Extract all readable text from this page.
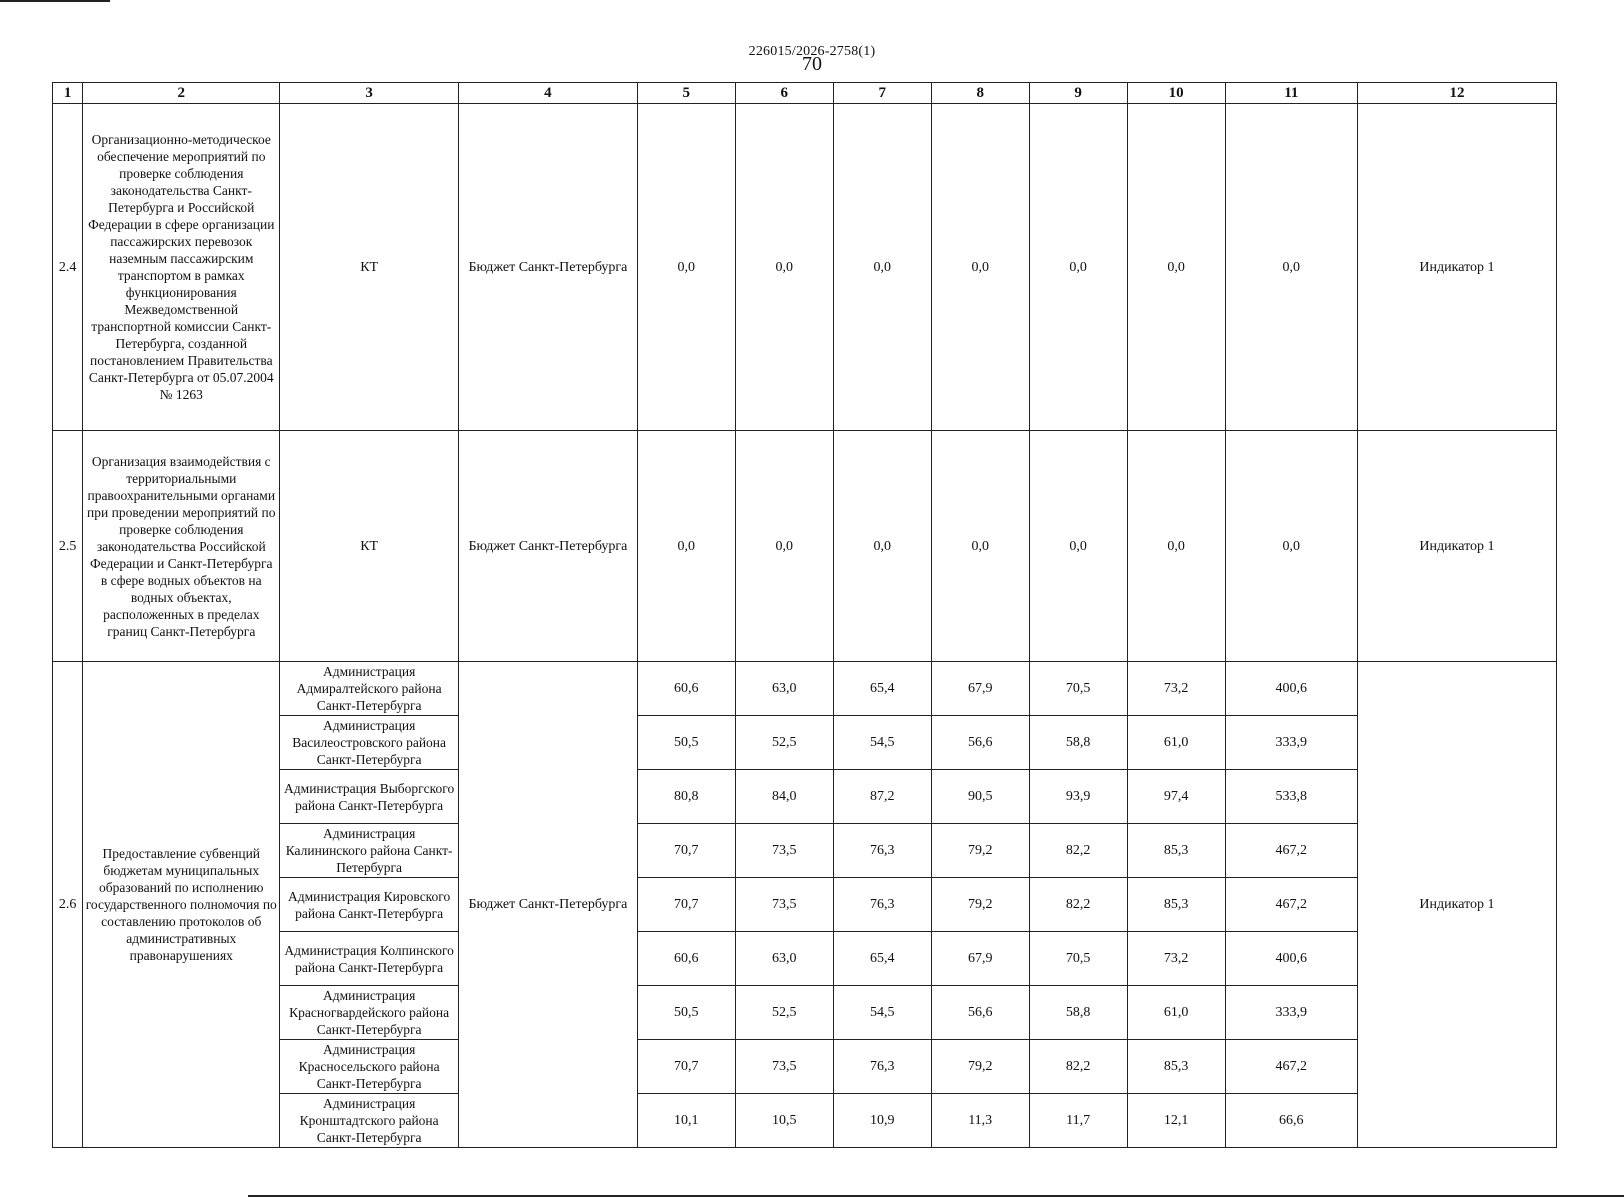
226015/2026-2758(1)
70
1	2	3	4	5	6	7	8	9	10	11	12
2.4	Организационно-методическое обеспечение мероприятий по проверке соблюдения законодательства Санкт-Петербурга и Российской Федерации в сфере организации пассажирских перевозок наземным пассажирским транспортом в рамках функционирования Межведомственной транспортной комиссии Санкт-Петербурга, созданной постановлением Правительства Санкт-Петербурга от 05.07.2004 № 1263	КТ	Бюджет Санкт-Петербурга	0,0	0,0	0,0	0,0	0,0	0,0	0,0	Индикатор 1
2.5	Организация взаимодействия с территориальными правоохранительными органами при проведении мероприятий по проверке соблюдения законодательства Российской Федерации и Санкт-Петербурга в сфере водных объектов на водных объектах, расположенных в пределах границ Санкт-Петербурга	КТ	Бюджет Санкт-Петербурга	0,0	0,0	0,0	0,0	0,0	0,0	0,0	Индикатор 1
2.6	Предоставление субвенций бюджетам муниципальных образований по исполнению государственного полномочия по составлению протоколов об административных правонарушениях	Администрация Адмиралтейского района Санкт-Петербурга	Бюджет Санкт-Петербурга	60,6	63,0	65,4	67,9	70,5	73,2	400,6	Индикатор 1
		Администрация Василеостровского района Санкт-Петербурга		50,5	52,5	54,5	56,6	58,8	61,0	333,9	
		Администрация Выборгского района Санкт-Петербурга		80,8	84,0	87,2	90,5	93,9	97,4	533,8	
		Администрация Калининского района Санкт-Петербурга		70,7	73,5	76,3	79,2	82,2	85,3	467,2	
		Администрация Кировского района Санкт-Петербурга		70,7	73,5	76,3	79,2	82,2	85,3	467,2	
		Администрация Колпинского района Санкт-Петербурга		60,6	63,0	65,4	67,9	70,5	73,2	400,6	
		Администрация Красногвардейского района Санкт-Петербурга		50,5	52,5	54,5	56,6	58,8	61,0	333,9	
		Администрация Красносельского района Санкт-Петербурга		70,7	73,5	76,3	79,2	82,2	85,3	467,2	
		Администрация Кронштадтского района Санкт-Петербурга		10,1	10,5	10,9	11,3	11,7	12,1	66,6	
